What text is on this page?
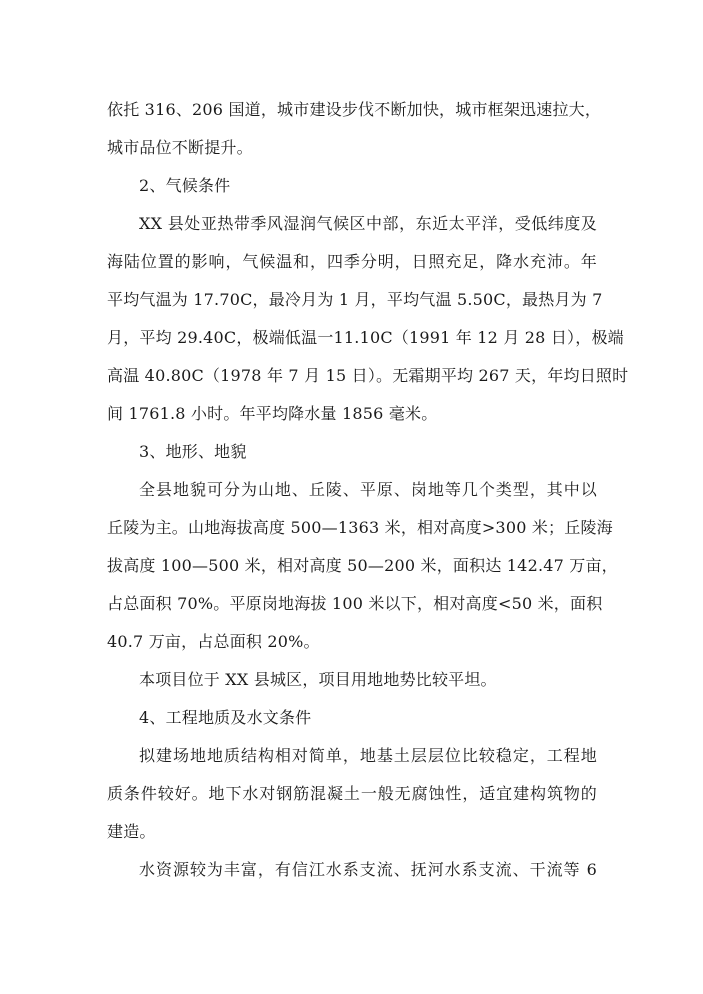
依托 316、206 国道，城市建设步伐不断加快，城市框架迅速拉大，
城市品位不断提升。
2、气候条件
XX 县处亚热带季风湿润气候区中部，东近太平洋，受低纬度及
海陆位置的影响，气候温和，四季分明，日照充足，降水充沛。年
平均气温为 17.70C，最冷月为 1 月，平均气温 5.50C，最热月为 7
月，平均 29.40C，极端低温一11.10C（1991 年 12 月 28 日），极端
高温 40.80C（1978 年 7 月 15 日）。无霜期平均 267 天，年均日照时
间 1761.8 小时。年平均降水量 1856 毫米。
3、地形、地貌
全县地貌可分为山地、丘陵、平原、岗地等几个类型，其中以
丘陵为主。山地海拔高度 500—1363 米，相对高度>300 米；丘陵海
拔高度 100—500 米，相对高度 50—200 米，面积达 142.47 万亩，
占总面积 70%。平原岗地海拔 100 米以下，相对高度<50 米，面积
40.7 万亩，占总面积 20%。
本项目位于 XX 县城区，项目用地地势比较平坦。
4、工程地质及水文条件
拟建场地地质结构相对简单，地基土层层位比较稳定，工程地
质条件较好。地下水对钢筋混凝土一般无腐蚀性，适宜建构筑物的
建造。
水资源较为丰富，有信江水系支流、抚河水系支流、干流等 6
